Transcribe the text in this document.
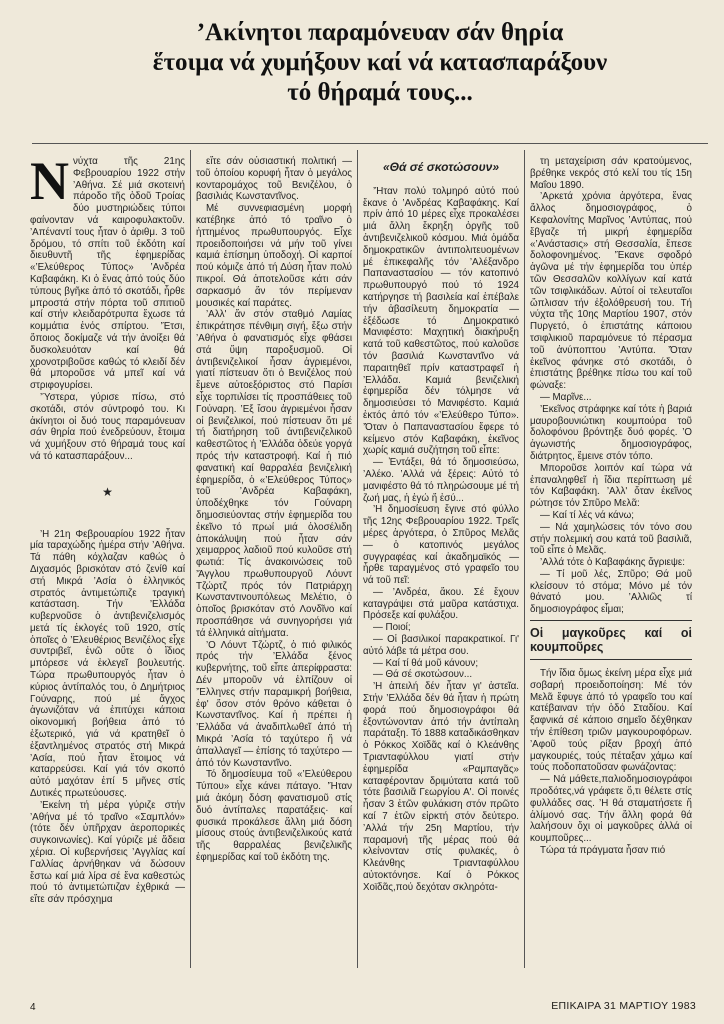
’Ακίνητοι παραμόνευαν σάν θηρία
ἕτοιμα νά χυμήξουν καί νά κατασπαράξουν
τό θήραμά τους...
Ν νύχτα τῆς 21ης Φεβρουαρίου 1922 στήν ’Αθήνα. Σέ μιά σκοτεινή πάροδο τῆς ὁδοῦ Τροίας δύο μυστηριώδεις τύποι φαίνονταν νά καιροφυλακτοῦν. ’Απέναντί τους ἦταν ὁ ἀριθμ. 3 τοῦ δρόμου, τό σπίτι τοῦ ἐκδότη καί διευθυντῆ τῆς ἐφημερίδας «’Ελεύθερος Τύπος» ’Ανδρέα Καβαφάκη. Κι ὁ ἕνας ἀπό τούς δύο τύπους βγῆκε ἀπό τό σκοτάδι, ἦρθε μπροστά στήν πόρτα τοῦ σπιτιοῦ καί στήν κλειδαρότρυπα ἔχωσε τά κομμάτια ἑνός σπίρτου. ’Έτσι, ὅποιος δοκίμαζε νά τήν ἀνοίξει θά δυσκολευόταν καί θά χρονοτριβοῦσε καθώς τό κλειδί δέν θά μποροῦσε νά μπεῖ καί νά στριφογυρίσει.

’Ύστερα, γύρισε πίσω, στό σκοτάδι, στόν σύντροφό του. Κι ἀκίνητοι οἱ δυό τους παραμόνευαν σάν θηρία πού ἐνεδρεύουν, ἕτοιμα νά χυμήξουν στό θήραμά τους καί νά τό κατασπαράξουν...

★

’Η 21η Φεβρουαρίου 1922 ἦταν μία ταραχώδης ἡμέρα στήν ’Αθήνα. Τά πάθη κόχλαζαν καθώς ὁ Διχασμός βρισκόταν στό ζενίθ καί στή Μικρά ’Ασία ὁ ἑλληνικός στρατός ἀντιμετώπιζε τραγική κατάσταση. Τήν ’Ελλάδα κυβερνοῦσε ὁ ἀντιβενιζελισμός μετά τίς ἐκλογές τοῦ 1920, στίς ὁποῖες ὁ ’Ελευθέριος Βενιζέλος εἶχε συντριβεῖ, ἐνῶ οὔτε ὁ ἴδιος μπόρεσε νά ἐκλεγεῖ βουλευτής. Τώρα πρωθυπουργός ἦταν ὁ κύριος ἀντίπαλός του, ὁ Δημήτριος Γούναρης, πού μέ ἄγχος ἀγωνιζόταν νά ἐπιτύχει κάποια οἰκονομική βοήθεια ἀπό τό ἐξωτερικό, γιά νά κρατηθεῖ ὁ ἐξαντλημένος στρατός στή Μικρά ’Ασία, πού ἦταν ἕτοιμος νά καταρρεύσει. Καί γιά τόν σκοπό αὐτό μαχόταν ἐπί 5 μῆνες στίς Δυτικές πρωτεύουσες.

’Εκείνη τή μέρα γύριζε στήν ’Αθήνα μέ τό τραῖνο «Σαμπλόν» (τότε δέν ὑπῆρχαν ἀεροπορικές συγκοινωνίες). Καί γύριζε μέ ἄδεια χέρια. Οἱ κυβερνήσεις ’Αγγλίας καί Γαλλίας ἀρνήθηκαν νά δώσουν ἔστω καί μιά λίρα σέ ἕνα καθεστώς πού τό ἀντιμετώπιζαν ἐχθρικά — εἴτε σάν πρόσχημα

εἴτε σάν οὐσιαστική πολιτική — τοῦ ὁποίου κορυφή ἦταν ὁ μεγάλος κονταρομάχος τοῦ Βενιζέλου, ὁ βασιλιάς Κωνσταντῖνος.

Μέ συννεφιασμένη μορφή κατέβηκε ἀπό τό τραῖνο ὁ ἡττημένος πρωθυπουργός. Εἶχε προειδοποιήσει νά μήν τοῦ γίνει καμιά ἐπίσημη ὑποδοχή. Οἱ καρποί πού κόμιζε ἀπό τή Δύση ἦταν πολύ πικροί. Θά ἀποτελοῦσε κάτι σάν σαρκασμό ἄν τόν περίμεναν μουσικές καί παράτες.

’Αλλ' ἄν στόν σταθμό Λαμίας ἐπικράτησε πένθιμη σιγή, ἔξω στήν ’Αθήνα ὁ φανατισμός εἶχε φθάσει στά ὕψη παροξυσμοῦ. Οἱ ἀντιβενιζελικοί ἦσαν ἀγριεμένοι, γιατί πίστευαν ὅτι ὁ Βενιζέλος πού ἔμενε αὐτοεξόριστος στό Παρίσι εἶχε τορπιλίσει τίς προσπάθειες τοῦ Γούναρη. ’Εξ ἴσου ἀγριεμένοι ἦσαν οἱ βενιζελικοί, πού πίστευαν ὅτι μέ τή διατήρηση τοῦ ἀντιβενιζελικοῦ καθεστῶτος ἡ ’Ελλάδα ὁδεύε γοργά πρός τήν καταστροφή. Καί ἡ πιό φανατική καί θαρραλέα βενιζελική ἐφημερίδα, ὁ «’Ελεύθερος Τύπος» τοῦ ’Ανδρέα Καβαφάκη, ὑποδέχθηκε τόν Γούναρη δημοσιεύοντας στήν ἐφημερίδα του ἐκεῖνο τό πρωί μιά ὁλοσέλιδη ἀποκάλυψη πού ἦταν σάν χειμαρρος λαδιοῦ πού κυλοῦσε στή φωτιά: Τίς ἀνακοινώσεις τοῦ ’Άγγλου πρωθυπουργοῦ Λόυντ Τζώρτζ πρός τόν Πατριάρχη Κωνσταντινουπόλεως Μελέτιο, ὁ ὁποῖος βρισκόταν στό Λονδῖνο καί προσπάθησε νά συνηγορήσει γιά τά ἑλληνικά αἰτήματα.

’Ο Λόυντ Τζώρτζ, ὁ πιό φιλικός πρός τήν ’Ελλάδα ξένος κυβερνήτης, τοῦ εἶπε ἀπερίφραστα: Δέν μποροῦν νά ἐλπίζουν οἱ ’Έλληνες στήν παραμικρή βοήθεια, ἐφ' ὅσον στόν θρόνο κάθεται ὁ Κωνσταντῖνος. Καί ἡ πρέπει ἡ ’Ελλάδα νά ἀναδιπλωθεῖ ἀπό τή Μικρά ’Ασία τό ταχύτερο ἤ νά ἀπαλλαγεῖ — ἐπίσης τό ταχύτερο — ἀπό τόν Κωνσταντῖνο.

Τό δημοσίευμα τοῦ «’Ελεύθερου Τύπου» εἶχε κάνει πάταγο. ’Ήταν μιά ἀκόμη δόση φανατισμοῦ στίς δυό ἀντίπαλες παρατάξεις· καί φυσικά προκάλεσε ἄλλη μιά δόση μίσους στούς ἀντιβενιζελικούς κατά τῆς θαρραλέας βενιζελικῆς ἐφημερίδας καί τοῦ ἐκδότη της.

«Θά σέ σκοτώσουν»

’Ήταν πολύ τολμηρό αὐτό πού ἔκανε ὁ ’Ανδρέας Καβαφάκης. Καί πρίν ἀπό 10 μέρες εἶχε προκαλέσει μιά ἄλλη ἔκρηξη ὀργῆς τοῦ ἀντιβενιζελικοῦ κόσμου. Μιά ὁμάδα δημοκρατικῶν ἀντιπολιτευομένων μέ ἐπικεφαλῆς τόν ’Αλέξανδρο Παπαναστασίου — τόν κατοπινό πρωθυπουργό πού τό 1924 κατήργησε τή βασιλεία καί ἐπέβαλε τήν ἀβασίλευτη δημοκρατία — ἐξέδωσε τό Δημοκρατικό Μανιφέστο: Μαχητική διακήρυξη κατά τοῦ καθεστῶτος, πού καλοῦσε τόν βασιλιά Κωνσταντῖνο νά παραιτηθεῖ πρίν καταστραφεῖ ἡ ’Ελλάδα. Καμιά βενιζελική ἐφημερίδα δέν τόλμησε νά δημοσιεύσει τό Μανιφέστο. Καμιά ἐκτός ἀπό τόν «’Ελεύθερο Τύπο». ’Όταν ὁ Παπαναστασίου ἔφερε τό κείμενο στόν Καβαφάκη, ἐκεῖνος χωρίς καμιά συζήτηση τοῦ εἶπε:

— Ἐντάξει, θά τό δημοσιεύσω, ’Αλέκο. ’Αλλά νά ξέρεις: Αὐτό τό μανιφέστο θά τό πληρώσουμε μέ τή ζωή μας, ἡ ἐγώ ἤ ἐσύ...

’Η δημοσίευση ἔγινε στό φύλλο τῆς 12ης Φεβρουαρίου 1922. Τρεῖς μέρες ἀργότερα, ὁ Σπῦρος Μελᾶς — ὁ κατοπινός μεγάλος συγγραφέας καί ἀκαδημαϊκός — ἦρθε ταραγμένος στό γραφεῖο του νά τοῦ πεῖ:

— ’Ανδρέα, ἄκου. Σέ ἔχουν καταγράψει στά μαῦρα κατάστιχα. Πρόσεξε καί φυλάξου.

— Ποιοί;

— Οἱ βασιλικοί παρακρατικοί. Γι' αὐτό λάβε τά μέτρα σου.

— Καί τί θά μοῦ κάνουν;

— Θά σέ σκοτώσουν...

’Η ἀπειλή δέν ἦταν γι' ἀστεῖα. Στήν ’Ελλάδα δέν θά ἦταν ἡ πρώτη φορά πού δημοσιογράφοι θά ἐξοντώνονταν ἀπό τήν ἀντίπαλη παράταξη. Τό 1888 καταδικάσθηκαν ὁ Ρόκκος Χοϊδᾶς καί ὁ Κλεάνθης Τριανταφύλλου γιατί στήν ἐφημερίδα «Ραμπαγᾶς» καταφέρονταν δριμύτατα κατά τοῦ τότε βασιλιᾶ Γεωργίου Α'. Οἱ ποινές ἦσαν 3 ἐτῶν φυλάκιση στόν πρῶτο καί 7 ἐτῶν εἱρκτή στόν δεύτερο. ’Αλλά τήν 25η Μαρτίου, τήν παραμονή τῆς μέρας πού θά κλείνονταν στίς φυλακές, ὁ Κλεάνθης Τριανταφύλλου αὐτοκτόνησε. Καί ὁ Ρόκκος Χοϊδᾶς,πού δεχόταν σκληρότα-

τη μεταχείριση σάν κρατούμενος, βρέθηκε νεκρός στό κελί του τίς 15η Μαΐου 1890.

’Αρκετά χρόνια ἀργότερα, ἕνας ἄλλος δημοσιογράφος, ὁ Κεφαλονίτης Μαρῖνος ’Αντύπας, πού ἔβγαζε τή μικρή ἐφημερίδα «’Ανάστασις» στή Θεσσαλία, ἔπεσε δολοφονημένος. ’Έκανε σφοδρό ἀγῶνα μέ τήν ἐφημερίδα του ὑπέρ τῶν Θεσσαλῶν κολλίγων καί κατά τῶν τσιφλικάδων. Αὐτοί οἱ τελευταῖοι ὤπλισαν τήν ἐξολόθρευσή του. Τή νύχτα τῆς 10ης Μαρτίου 1907, στόν Πυργετό, ὁ ἐπιστάτης κάποιου τσιφλικιοῦ παραμόνευε τό πέρασμα τοῦ ἀνύποπτου ’Αντύπα. ’Όταν ἐκεῖνος φάνηκε στό σκοτάδι, ὁ ἐπιστάτης βρέθηκε πίσω του καί τοῦ φώναξε:

— Μαρῖνε...

’Εκεῖνος στράφηκε καί τότε ἡ βαριά μαυροβουνιώτικη κουμπούρα τοῦ δολοφόνου βρόντηξε δυό φορές. ’Ο ἀγωνιστής δημοσιογράφος, διάτρητος, ἔμεινε στόν τόπο.

Μποροῦσε λοιπόν καί τώρα νά ἐπαναληφθεῖ ἡ ἴδια περίπτωση μέ τόν Καβαφάκη. ’Αλλ' ὅταν ἐκεῖνος ρώτησε τόν Σπῦρο Μελᾶ:

— Καί τί λές νά κάνω;

— Νά χαμηλώσεις τόν τόνο σου στήν πολεμική σου κατά τοῦ βασιλιᾶ, τοῦ εἶπε ὁ Μελᾶς.

’Αλλά τότε ὁ Καβαφάκης ἄγριεψε:

— Τί μοῦ λές, Σπῦρο; Θά μοῦ κλείσουν τό στόμα; Μόνο μέ τόν θάνατό μου. ’Αλλιῶς τί δημοσιογράφος εἶμαι;

Οἱ μαγκοῦρες καί οἱ κουμποῦρες

Τήν ἴδια ὅμως ἐκείνη μέρα εἶχε μιά σοβαρή προειδοποίηση: Μέ τόν Μελᾶ ἔφυγε ἀπό τό γραφεῖο του καί κατέβαιναν τήν ὁδό Σταδίου. Καί ξαφνικά σέ κάποιο σημεῖο δέχθηκαν τήν ἐπίθεση τριῶν μαγκουροφόρων. ’Αφοῦ τούς ρίξαν βροχή ἀπό μαγκουριές, τούς πέταξαν χάμω καί τούς ποδοπατοῦσαν φωνάζοντας:

— Νά μάθετε,παλιοδημοσιογράφοι προδότες,νά γράφετε ὅ,τι θέλετε στίς φυλλάδες σας. ’Η θά σταματήσετε ἤ ἀλίμονό σας. Τήν ἄλλη φορά θά λαλήσουν ὄχι οἱ μαγκοῦρες ἀλλά οἱ κουμποῦρες...

Τώρα τά πράγματα ἦσαν πιό

4	ΕΠΙΚΑΙΡΑ 31 ΜΑΡΤΙΟΥ 1983
